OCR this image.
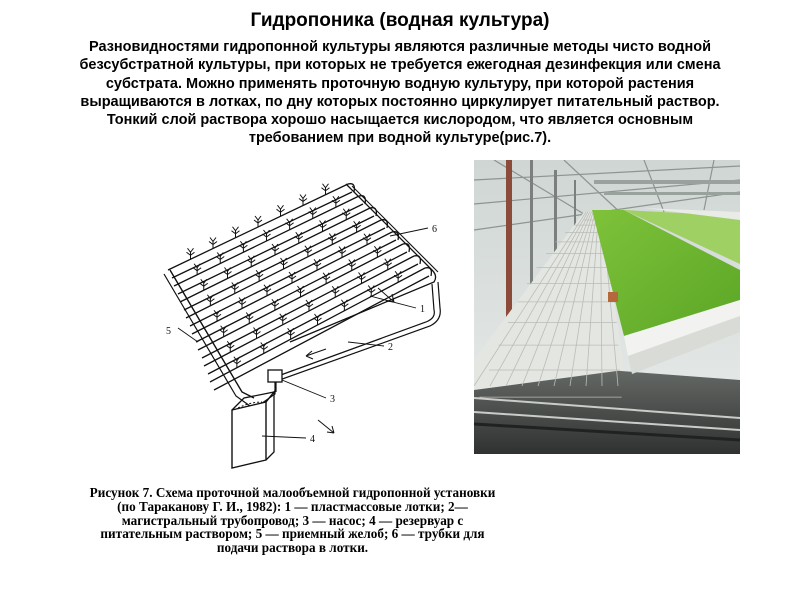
Гидропоника (водная культура)
Разновидностями гидропонной культуры являются различные методы чисто водной
безсубстратной культуры, при которых не требуется ежегодная дезинфекция или смена
субстрата. Можно применять проточную водную культуру, при которой растения
выращиваются в лотках, по дну которых постоянно циркулирует питательный раствор.
Тонкий слой раствора хорошо насыщается кислородом, что является основным
требованием при водной культуре(рис.7).
1
2
3
4
5
6
Рисунок 7. Схема проточной малообъемной гидропонной установки
(по Тараканову Г. И., 1982): 1 — пластмассовые лотки; 2—
магистральный трубопровод; 3 — насос; 4 — резервуар с
питательным раствором; 5 — приемный желоб; 6 — трубки для
подачи раствора в лотки.
